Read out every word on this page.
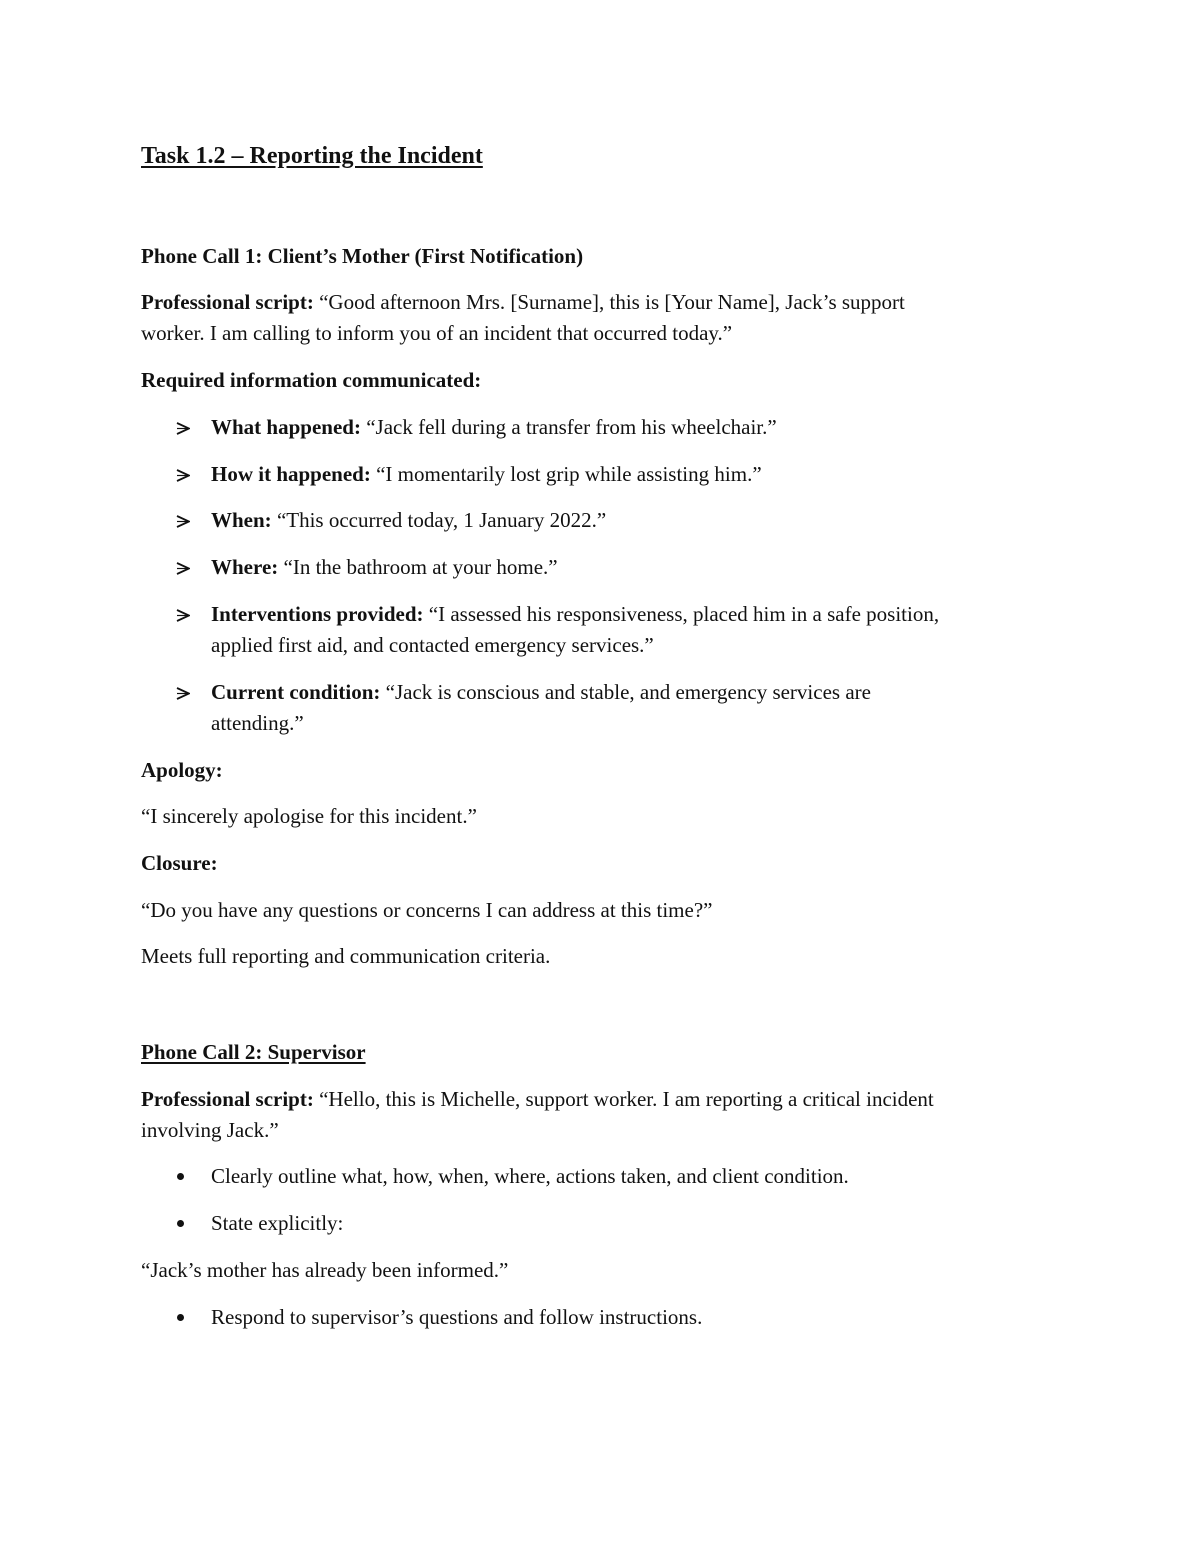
Task 1.2 – Reporting the Incident
Phone Call 1: Client’s Mother (First Notification)
Professional script: “Good afternoon Mrs. [Surname], this is [Your Name], Jack’s support
worker. I am calling to inform you of an incident that occurred today.”
Required information communicated:
What happened: “Jack fell during a transfer from his wheelchair.”
How it happened: “I momentarily lost grip while assisting him.”
When: “This occurred today, 1 January 2022.”
Where: “In the bathroom at your home.”
Interventions provided: “I assessed his responsiveness, placed him in a safe position,
applied first aid, and contacted emergency services.”
Current condition: “Jack is conscious and stable, and emergency services are
attending.”
Apology:
“I sincerely apologise for this incident.”
Closure:
“Do you have any questions or concerns I can address at this time?”
Meets full reporting and communication criteria.
Phone Call 2: Supervisor
Professional script: “Hello, this is Michelle, support worker. I am reporting a critical incident
involving Jack.”
Clearly outline what, how, when, where, actions taken, and client condition.
State explicitly:
“Jack’s mother has already been informed.”
Respond to supervisor’s questions and follow instructions.
